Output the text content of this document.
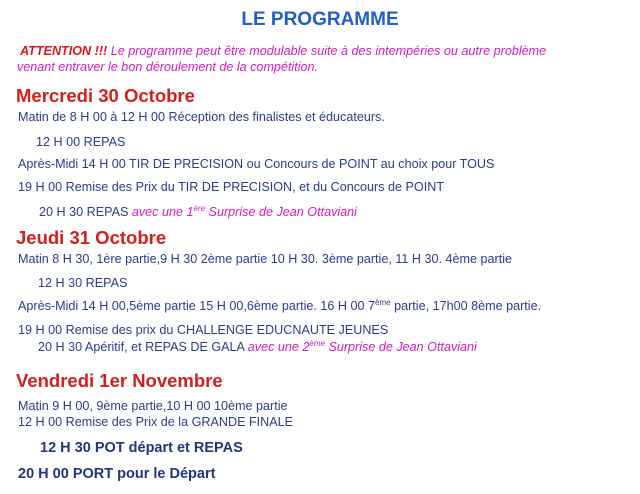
LE PROGRAMME
ATTENTION !!! Le programme peut être modulable suite à des intempéries ou autre problème
venant entraver le bon déroulement de la compétition.
Mercredi 30 Octobre
Matin de 8 H 00 à 12 H 00 Réception des finalistes et éducateurs.
12 H 00 REPAS
Après-Midi 14 H 00 TIR DE PRECISION ou Concours de POINT au choix pour TOUS
19 H 00 Remise des Prix du TIR DE PRECISION, et du Concours de POINT
20 H 30 REPAS avec une 1ère Surprise de Jean Ottaviani
Jeudi 31 Octobre
Matin 8 H 30, 1ère partie,9 H 30 2ème partie 10 H 30. 3ème partie, 11 H 30. 4ème partie
12 H 30 REPAS
Après-Midi 14 H 00,5ème partie 15 H 00,6ème partie. 16 H 00 7ème partie, 17h00 8ème partie.
19 H 00 Remise des prix du CHALLENGE EDUCNAUTE JEUNES
20 H 30 Apéritif, et REPAS DE GALA avec une 2ème Surprise de Jean Ottaviani
Vendredi 1er Novembre
Matin 9 H 00, 9ème partie,10 H 00 10ème partie
12 H 00 Remise des Prix de la GRANDE FINALE
12 H 30 POT départ et REPAS
20 H 00 PORT pour le Départ
